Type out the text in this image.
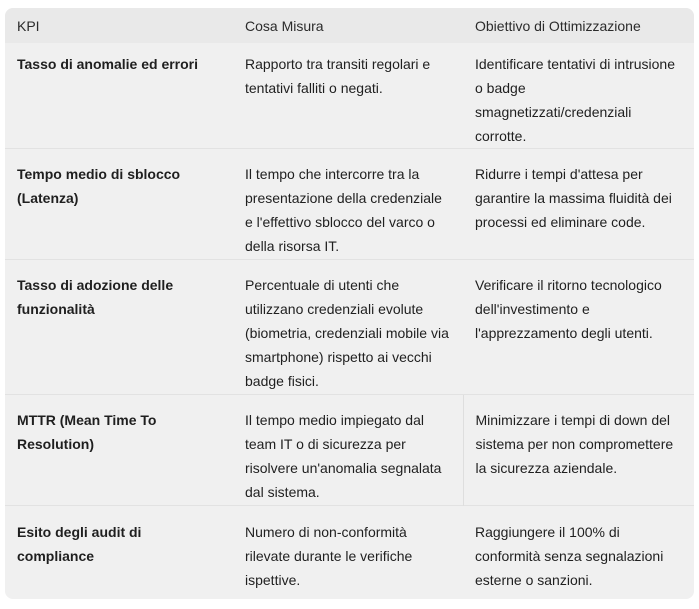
KPI	Cosa Misura	Obiettivo di Ottimizzazione
Tasso di anomalie ed errori	Rapporto tra transiti regolari e tentativi falliti o negati.	Identificare tentativi di intrusione o badge smagnetizzati/credenziali corrotte.
Tempo medio di sblocco (Latenza)	Il tempo che intercorre tra la presentazione della credenziale e l'effettivo sblocco del varco o della risorsa IT.	Ridurre i tempi d'attesa per garantire la massima fluidità dei processi ed eliminare code.
Tasso di adozione delle funzionalità	Percentuale di utenti che utilizzano credenziali evolute (biometria, credenziali mobile via smartphone) rispetto ai vecchi badge fisici.	Verificare il ritorno tecnologico dell'investimento e l'apprezzamento degli utenti.
MTTR (Mean Time To Resolution)	Il tempo medio impiegato dal team IT o di sicurezza per risolvere un'anomalia segnalata dal sistema.	Minimizzare i tempi di down del sistema per non compromettere la sicurezza aziendale.
Esito degli audit di compliance	Numero di non-conformità rilevate durante le verifiche ispettive.	Raggiungere il 100% di conformità senza segnalazioni esterne o sanzioni.
